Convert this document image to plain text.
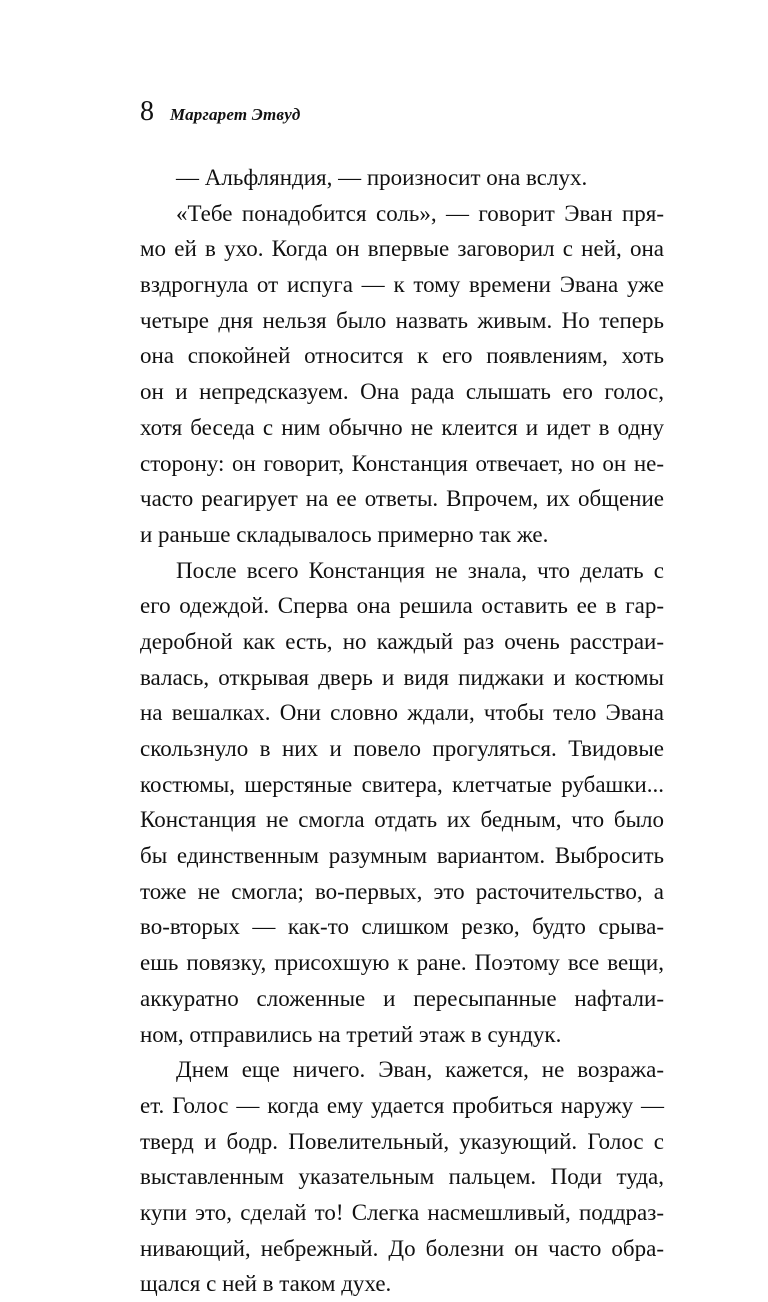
8 Маргарет Этвуд
— Альфляндия, — произносит она вслух.
«Тебе понадобится соль», — говорит Эван пря-
мо ей в ухо. Когда он впервые заговорил с ней, она
вздрогнула от испуга — к тому времени Эвана уже
четыре дня нельзя было назвать живым. Но теперь
она спокойней относится к его появлениям, хоть
он и непредсказуем. Она рада слышать его голос,
хотя беседа с ним обычно не клеится и идет в одну
сторону: он говорит, Констанция отвечает, но он не-
часто реагирует на ее ответы. Впрочем, их общение
и раньше складывалось примерно так же.
После всего Констанция не знала, что делать с
его одеждой. Сперва она решила оставить ее в гар-
деробной как есть, но каждый раз очень расстраи-
валась, открывая дверь и видя пиджаки и костюмы
на вешалках. Они словно ждали, чтобы тело Эвана
скользнуло в них и повело прогуляться. Твидовые
костюмы, шерстяные свитера, клетчатые рубашки...
Констанция не смогла отдать их бедным, что было
бы единственным разумным вариантом. Выбросить
тоже не смогла; во-первых, это расточительство, а
во-вторых — как-то слишком резко, будто срыва-
ешь повязку, присохшую к ране. Поэтому все вещи,
аккуратно сложенные и пересыпанные нафтали-
ном, отправились на третий этаж в сундук.
Днем еще ничего. Эван, кажется, не возража-
ет. Голос — когда ему удается пробиться наружу —
тверд и бодр. Повелительный, указующий. Голос с
выставленным указательным пальцем. Поди туда,
купи это, сделай то! Слегка насмешливый, поддраз-
нивающий, небрежный. До болезни он часто обра-
щался с ней в таком духе.
